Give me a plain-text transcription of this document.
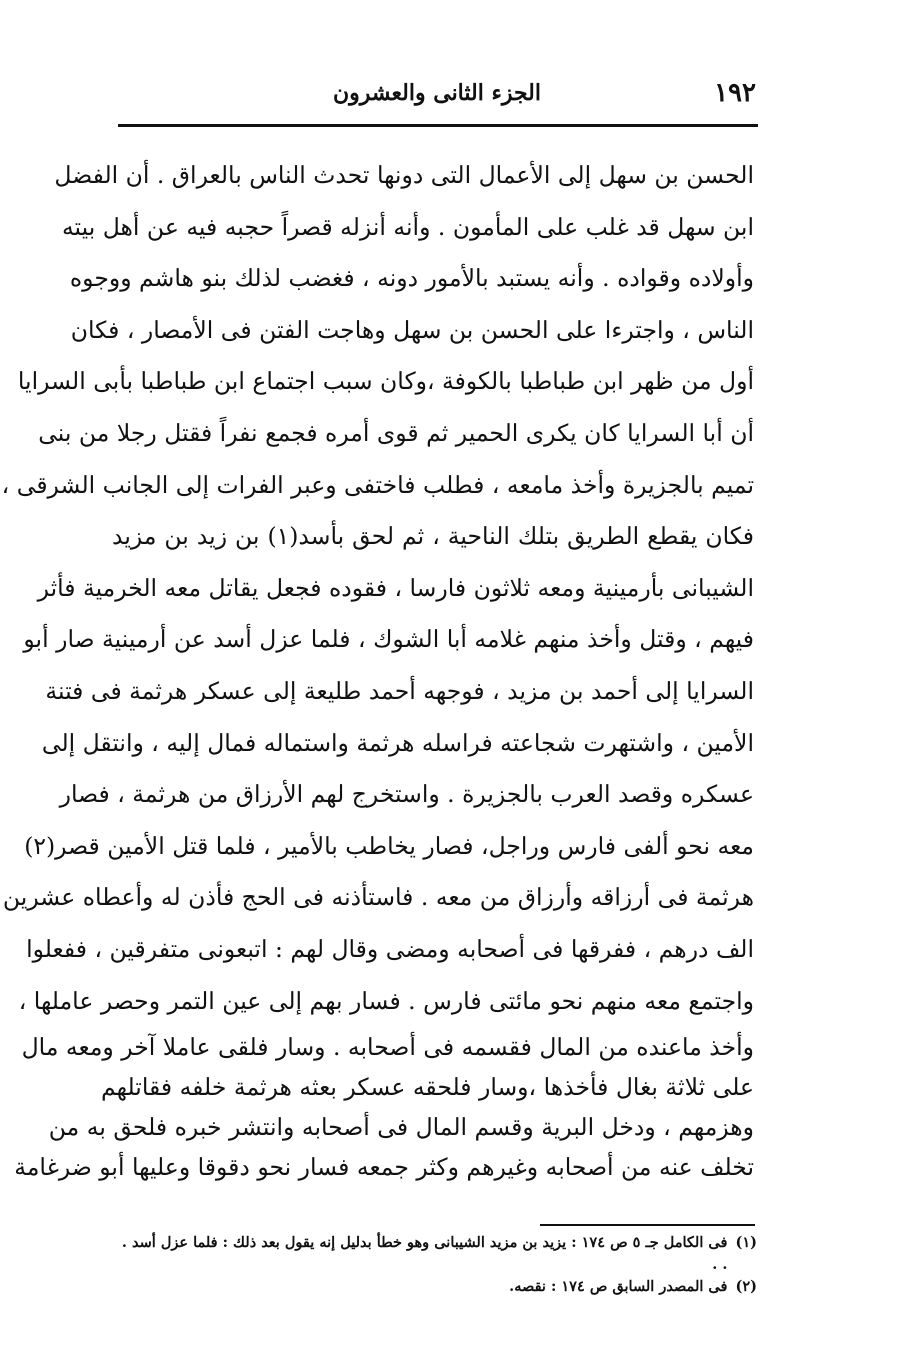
١٩٢
الجزء الثانى والعشرون
الحسن بن سهل إلى الأعمال التى دونها تحدث الناس بالعراق . أن الفضل
ابن سهل قد غلب على المأمون . وأنه أنزله قصراً حجبه فيه عن أهل بيته
وأولاده وقواده . وأنه يستبد بالأمور دونه ، فغضب لذلك بنو هاشم ووجوه
الناس ، واجترءا على الحسن بن سهل وهاجت الفتن فى الأمصار ، فكان
أول من ظهر ابن طباطبا بالكوفة ،وكان سبب اجتماع ابن طباطبا بأبى السرايا
أن أبا السرايا كان يكرى الحمير ثم قوى أمره فجمع نفراً فقتل رجلا من بنى
تميم بالجزيرة وأخذ مامعه ، فطلب فاختفى وعبر الفرات إلى الجانب الشرقى ،
فكان يقطع الطريق بتلك الناحية ، ثم لحق بأسد(١) بن زيد بن مزيد
الشيبانى بأرمينية ومعه ثلاثون فارسا ، فقوده فجعل يقاتل معه الخرمية فأثر
فيهم ، وقتل وأخذ منهم غلامه أبا الشوك ، فلما عزل أسد عن أرمينية صار أبو
السرايا إلى أحمد بن مزيد ، فوجهه أحمد طليعة إلى عسكر هرثمة فى فتنة
الأمين ، واشتهرت شجاعته فراسله هرثمة واستماله فمال إليه ، وانتقل إلى
عسكره وقصد العرب بالجزيرة . واستخرج لهم الأرزاق من هرثمة ، فصار
معه نحو ألفى فارس وراجل، فصار يخاطب بالأمير ، فلما قتل الأمين قصر(٢)
هرثمة فى أرزاقه وأرزاق من معه . فاستأذنه فى الحج فأذن له وأعطاه عشرين
الف درهم ، ففرقها فى أصحابه ومضى وقال لهم : اتبعونى متفرقين ، ففعلوا
واجتمع معه منهم نحو مائتى فارس . فسار بهم إلى عين التمر وحصر عاملها ،
وأخذ ماعنده من المال فقسمه فى أصحابه . وسار فلقى عاملا آخر ومعه مال
على ثلاثة بغال فأخذها ،وسار فلحقه عسكر بعثه هرثمة خلفه فقاتلهم
وهزمهم ، ودخل البرية وقسم المال فى أصحابه وانتشر خبره فلحق به من
تخلف عنه من أصحابه وغيرهم وكثر جمعه فسار نحو دقوقا وعليها أبو ضرغامة
(١)
فى الكامل جـ ٥ ص ١٧٤ : يزيد بن مزيد الشيبانى وهو خطأ بدليل إنه يقول بعد ذلك : فلما عزل أسد . . .
(٢)
فى المصدر السابق ص ١٧٤ : نقصه.
